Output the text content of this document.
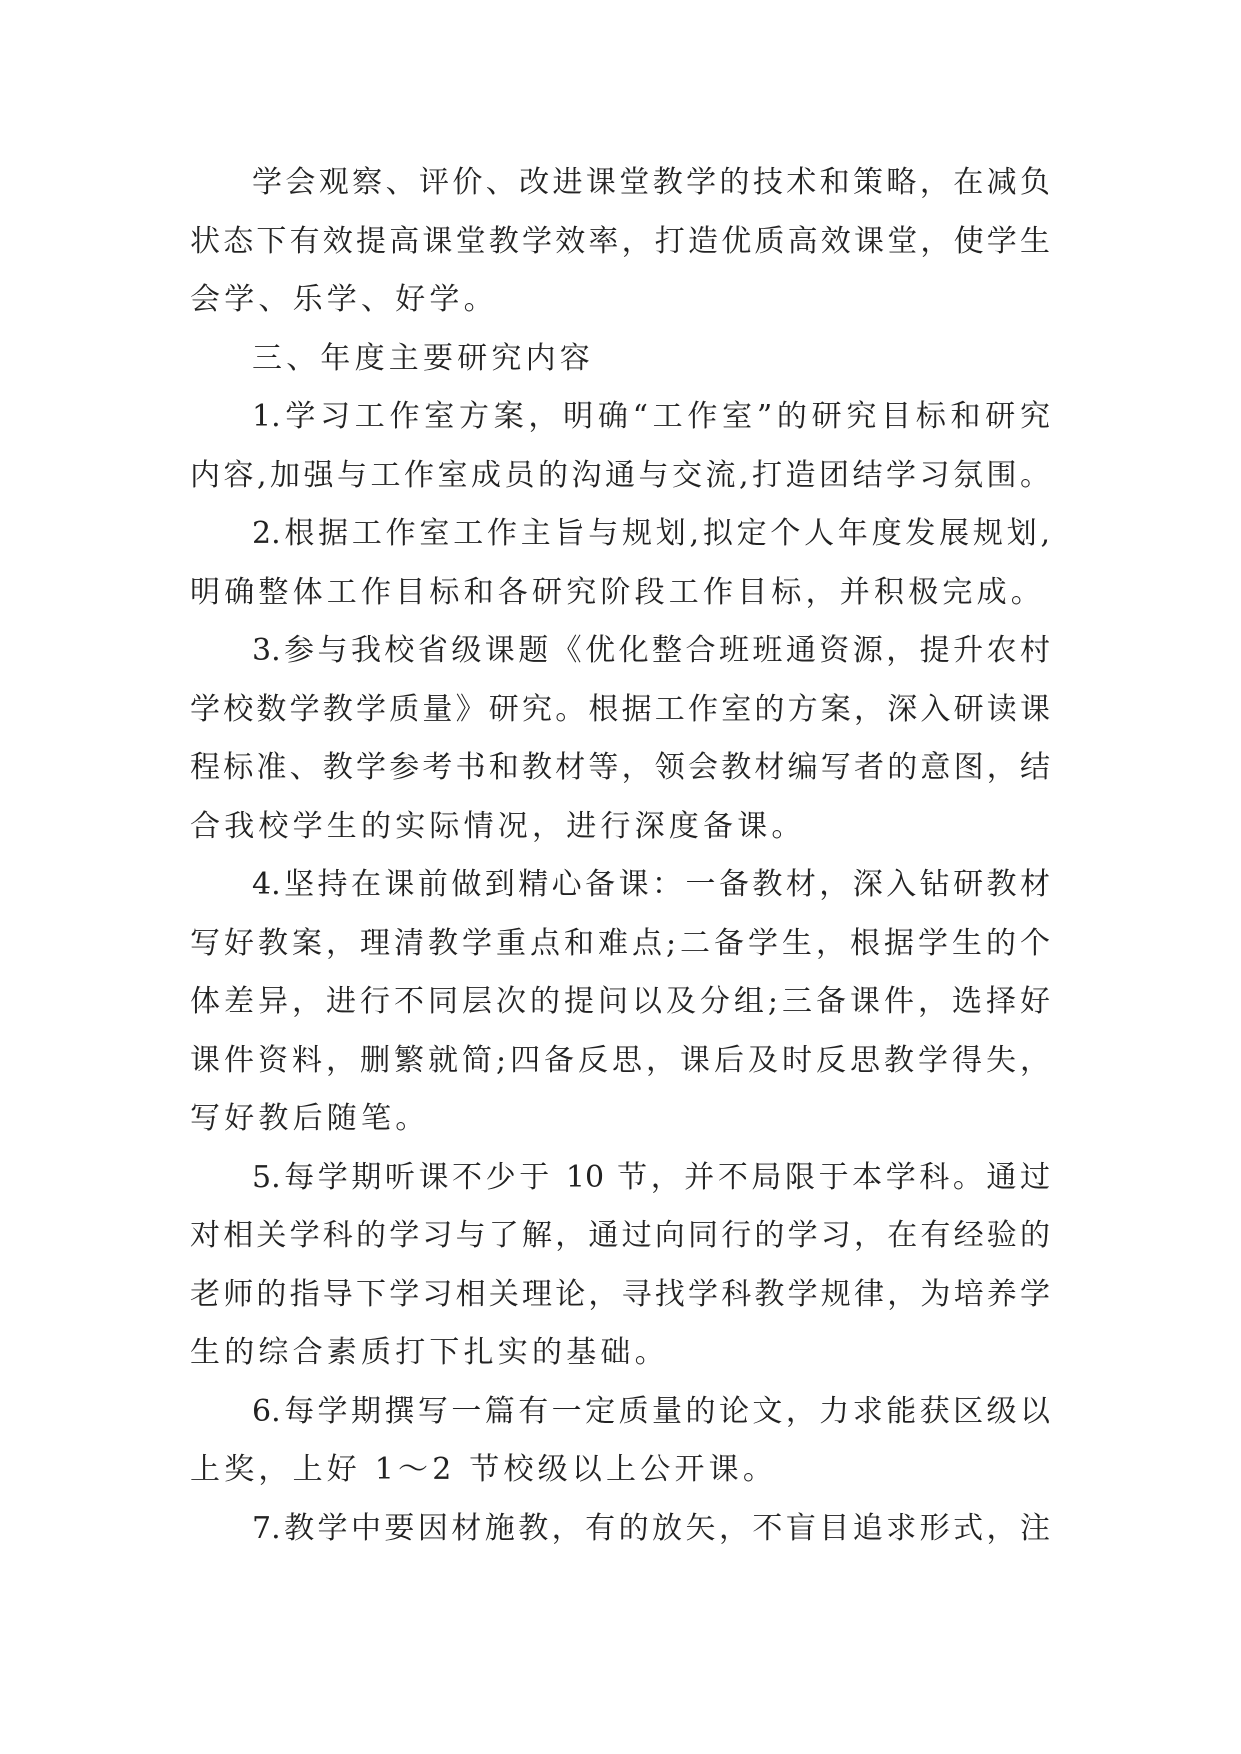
学会观察、评价、改进课堂教学的技术和策略，在减负
状态下有效提高课堂教学效率，打造优质高效课堂，使学生
会学、乐学、好学。
三、年度主要研究内容
1.学习工作室方案，明确“工作室”的研究目标和研究
内容,加强与工作室成员的沟通与交流,打造团结学习氛围。
2.根据工作室工作主旨与规划,拟定个人年度发展规划,
明确整体工作目标和各研究阶段工作目标，并积极完成。
3.参与我校省级课题《优化整合班班通资源，提升农村
学校数学教学质量》研究。根据工作室的方案，深入研读课
程标准、教学参考书和教材等，领会教材编写者的意图，结
合我校学生的实际情况，进行深度备课。
4.坚持在课前做到精心备课：一备教材，深入钻研教材
写好教案，理清教学重点和难点;二备学生，根据学生的个
体差异，进行不同层次的提问以及分组;三备课件，选择好
课件资料，删繁就简;四备反思，课后及时反思教学得失，
写好教后随笔。
5.每学期听课不少于 10 节，并不局限于本学科。通过
对相关学科的学习与了解，通过向同行的学习，在有经验的
老师的指导下学习相关理论，寻找学科教学规律，为培养学
生的综合素质打下扎实的基础。
6.每学期撰写一篇有一定质量的论文，力求能获区级以
上奖，上好 1～2 节校级以上公开课。
7.教学中要因材施教，有的放矢，不盲目追求形式，注
